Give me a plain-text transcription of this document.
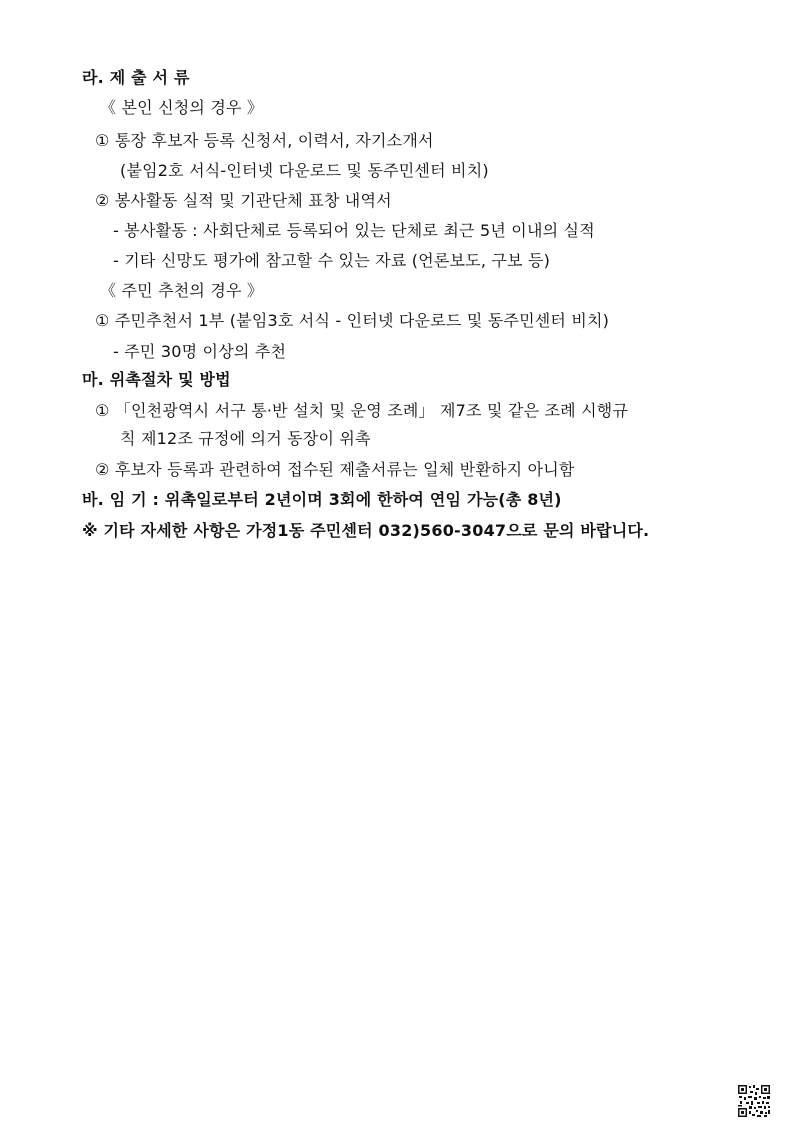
라. 제 출 서 류
《 본인 신청의 경우 》
① 통장 후보자 등록 신청서, 이력서, 자기소개서
(붙임2호 서식-인터넷 다운로드 및 동주민센터 비치)
② 봉사활동 실적 및 기관단체 표창 내역서
- 봉사활동 : 사회단체로 등록되어 있는 단체로 최근 5년 이내의 실적
- 기타 신망도 평가에 참고할 수 있는 자료 (언론보도, 구보 등)
《 주민 추천의 경우 》
① 주민추천서 1부 (붙임3호 서식 - 인터넷 다운로드 및 동주민센터 비치)
- 주민 30명 이상의 추천
마. 위촉절차 및 방법
① 「인천광역시 서구 통·반 설치 및 운영 조례」 제7조 및 같은 조례 시행규
칙 제12조 규정에 의거 동장이 위촉
② 후보자 등록과 관련하여 접수된 제출서류는 일체 반환하지 아니함
바. 임 기 : 위촉일로부터 2년이며 3회에 한하여 연임 가능(총 8년)
※ 기타 자세한 사항은 가정1동 주민센터 032)560-3047으로 문의 바랍니다.
